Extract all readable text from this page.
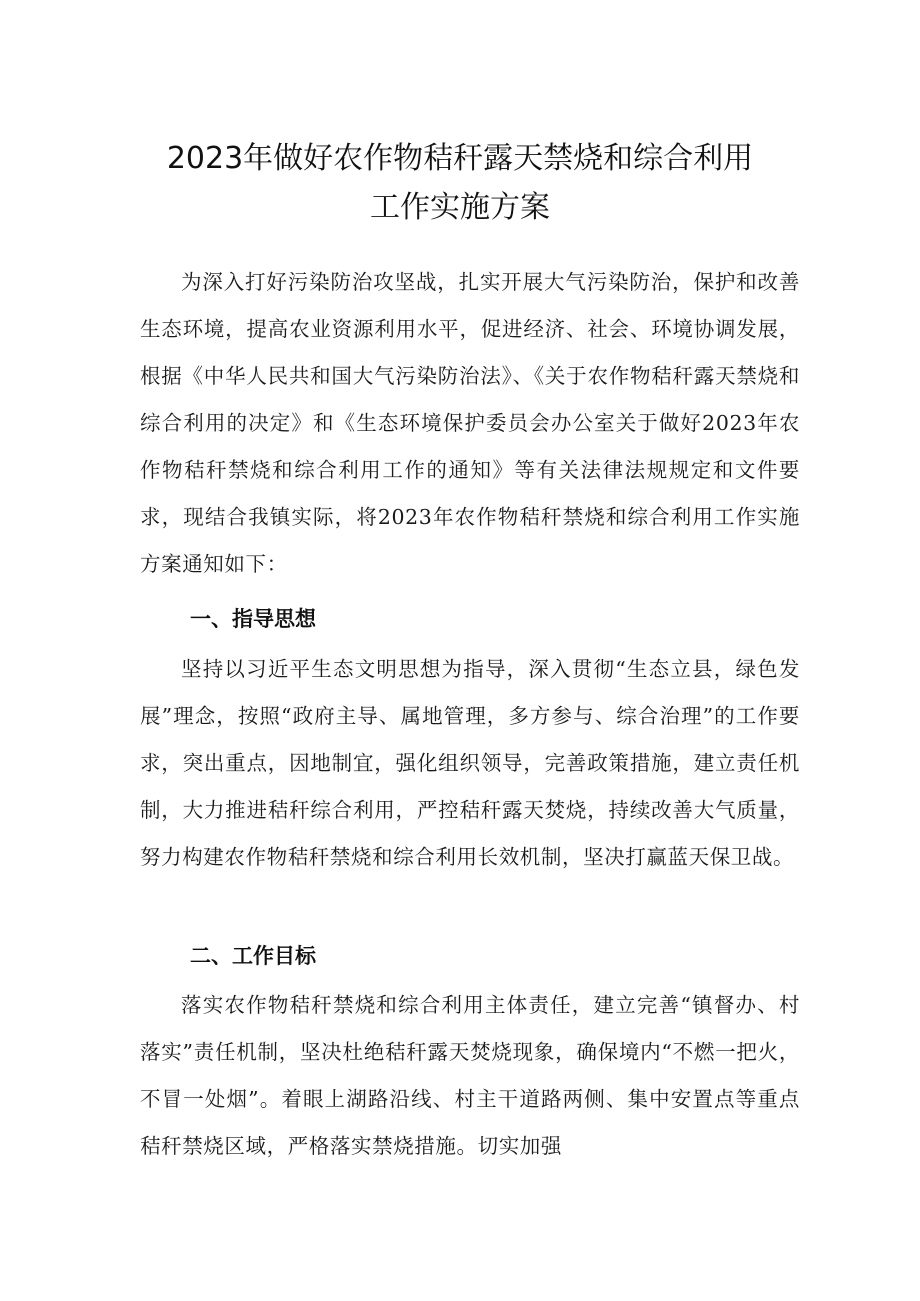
2023年做好农作物秸秆露天禁烧和综合利用
工作实施方案

为深入打好污染防治攻坚战，扎实开展大气污染防治，保护和改善生态环境，提高农业资源利用水平，促进经济、社会、环境协调发展，根据《中华人民共和国大气污染防治法》、《关于农作物秸秆露天禁烧和综合利用的决定》和《生态环境保护委员会办公室关于做好2023年农作物秸秆禁烧和综合利用工作的通知》等有关法律法规规定和文件要求，现结合我镇实际，将2023年农作物秸秆禁烧和综合利用工作实施方案通知如下：

一、指导思想

坚持以习近平生态文明思想为指导，深入贯彻“生态立县，绿色发展”理念，按照“政府主导、属地管理，多方参与、综合治理”的工作要求，突出重点，因地制宜，强化组织领导，完善政策措施，建立责任机制，大力推进秸秆综合利用，严控秸秆露天焚烧，持续改善大气质量，努力构建农作物秸秆禁烧和综合利用长效机制，坚决打赢蓝天保卫战。

二、工作目标

落实农作物秸秆禁烧和综合利用主体责任，建立完善“镇督办、村落实”责任机制，坚决杜绝秸秆露天焚烧现象，确保境内“不燃一把火，不冒一处烟”。着眼上湖路沿线、村主干道路两侧、集中安置点等重点秸秆禁烧区域，严格落实禁烧措施。切实加强
